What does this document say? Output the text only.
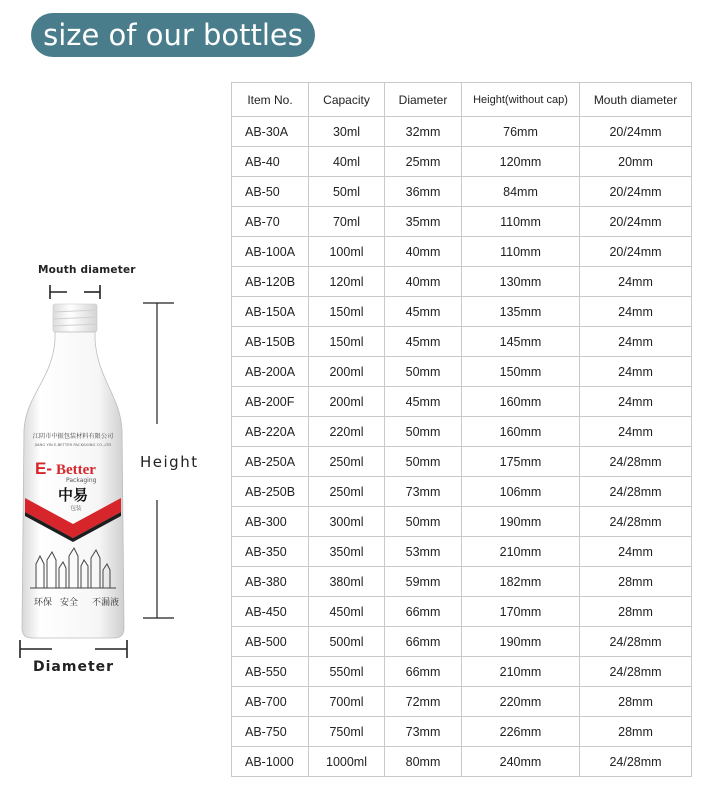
size of our bottles
Mouth diameter
Height
Diameter
江阴市中振包装材料有限公司
JIANG YIN E-BETTER PACKAGING CO.,LTD
E- Better
Packaging
中易
包装
环保 安全 不漏液
Item No.	Capacity	Diameter	Height(without cap)	Mouth diameter
AB-30A	30ml	32mm	76mm	20/24mm
AB-40	40ml	25mm	120mm	20mm
AB-50	50ml	36mm	84mm	20/24mm
AB-70	70ml	35mm	110mm	20/24mm
AB-100A	100ml	40mm	110mm	20/24mm
AB-120B	120ml	40mm	130mm	24mm
AB-150A	150ml	45mm	135mm	24mm
AB-150B	150ml	45mm	145mm	24mm
AB-200A	200ml	50mm	150mm	24mm
AB-200F	200ml	45mm	160mm	24mm
AB-220A	220ml	50mm	160mm	24mm
AB-250A	250ml	50mm	175mm	24/28mm
AB-250B	250ml	73mm	106mm	24/28mm
AB-300	300ml	50mm	190mm	24/28mm
AB-350	350ml	53mm	210mm	24mm
AB-380	380ml	59mm	182mm	28mm
AB-450	450ml	66mm	170mm	28mm
AB-500	500ml	66mm	190mm	24/28mm
AB-550	550ml	66mm	210mm	24/28mm
AB-700	700ml	72mm	220mm	28mm
AB-750	750ml	73mm	226mm	28mm
AB-1000	1000ml	80mm	240mm	24/28mm
